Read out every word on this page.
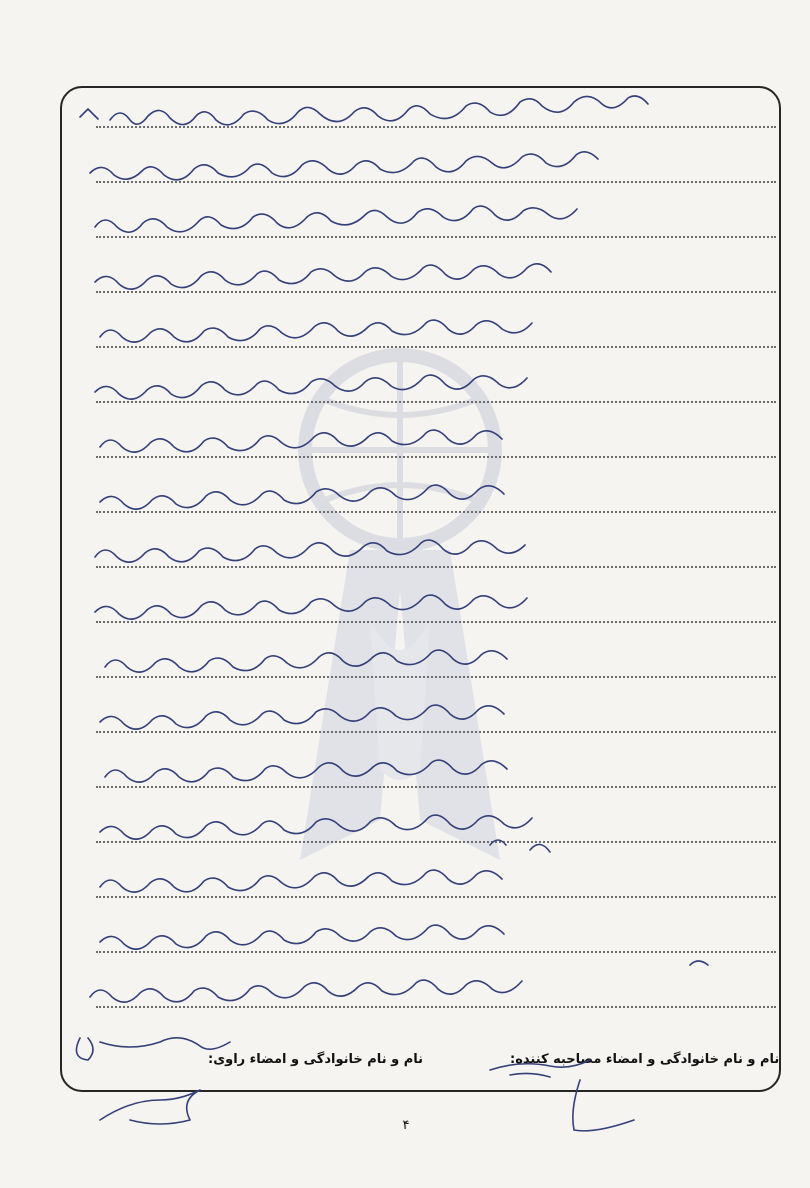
نام و نام خانوادگی و امضاء مصاحبه کننده:
نام و نام خانوادگی و امضاء راوی:
۴
